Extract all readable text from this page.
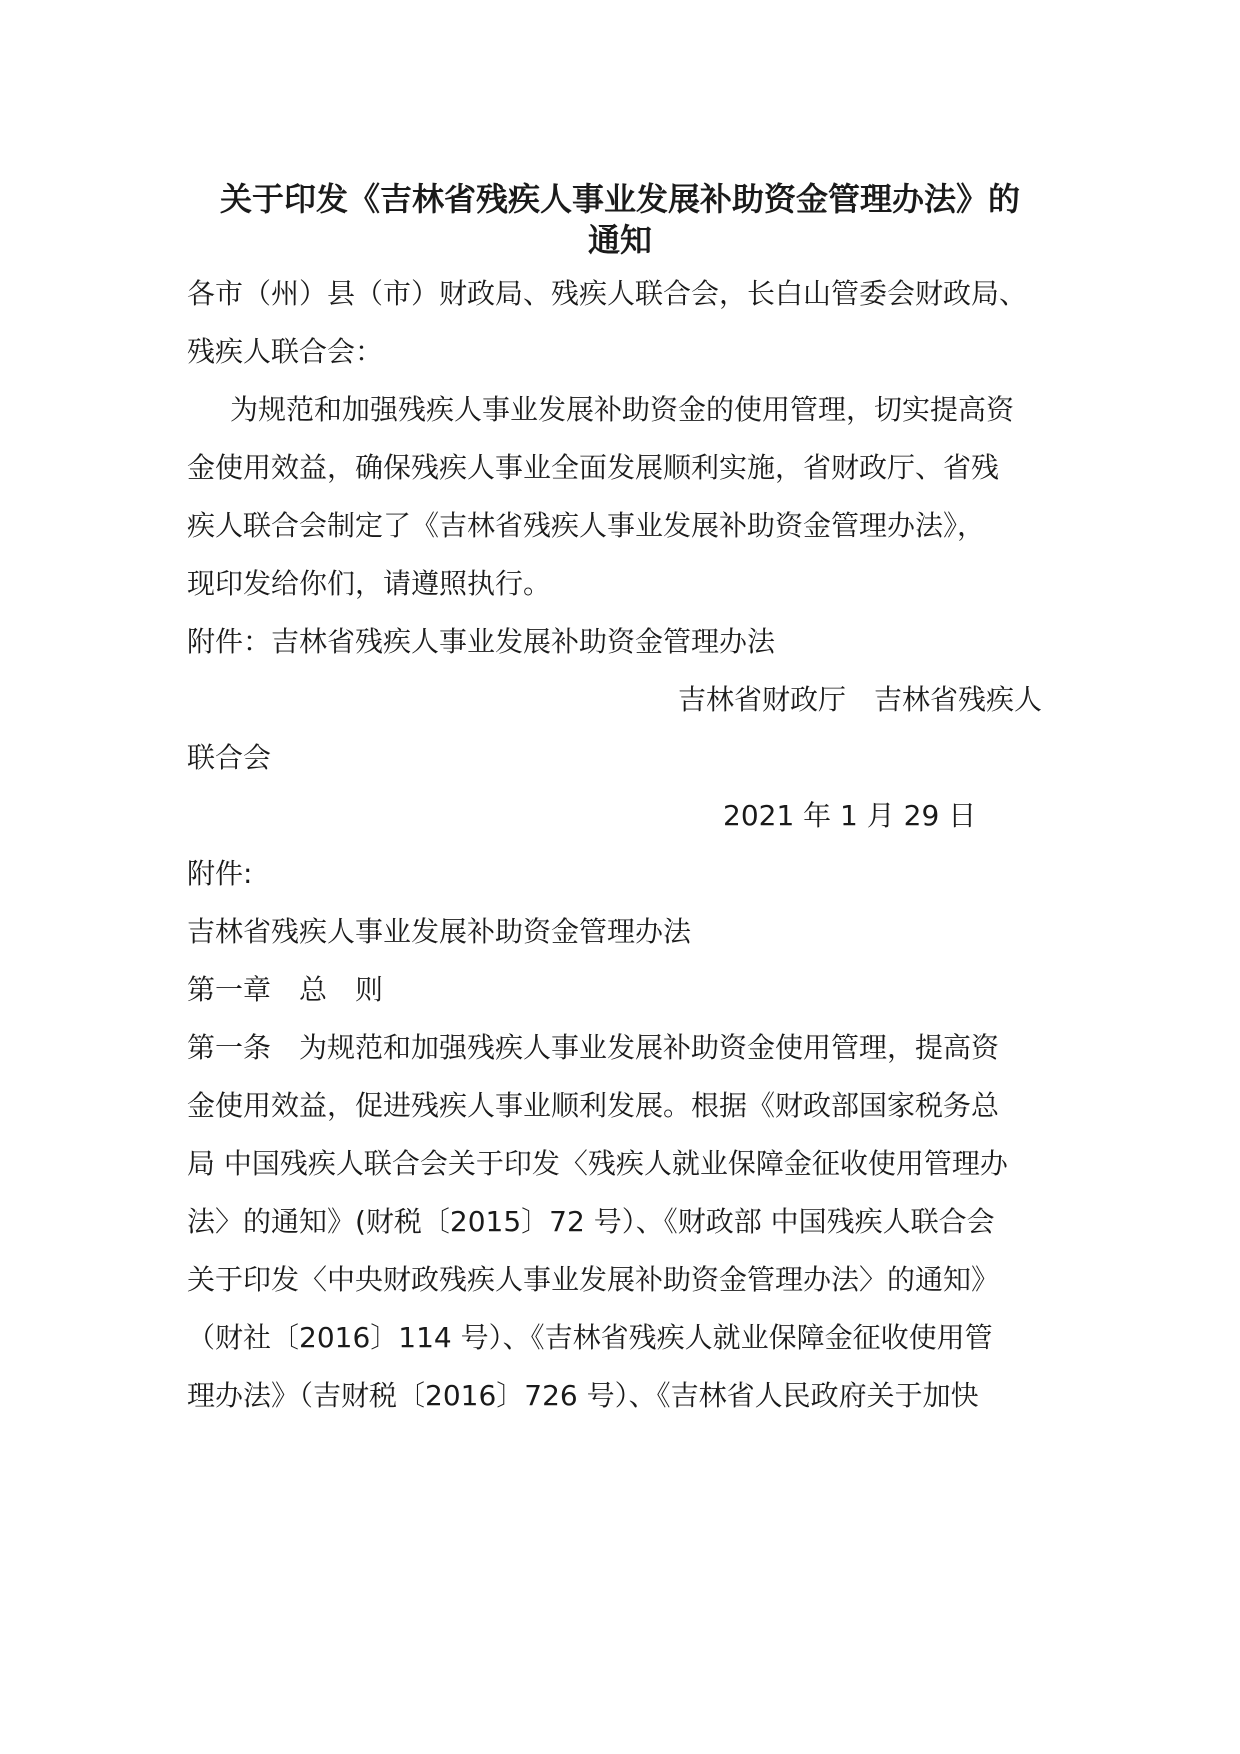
关于印发《吉林省残疾人事业发展补助资金管理办法》的
通知
各市（州）县（市）财政局、残疾人联合会，长白山管委会财政局、
残疾人联合会：
为规范和加强残疾人事业发展补助资金的使用管理，切实提高资
金使用效益，确保残疾人事业全面发展顺利实施，省财政厅、省残
疾人联合会制定了《吉林省残疾人事业发展补助资金管理办法》，
现印发给你们，请遵照执行。
附件：吉林省残疾人事业发展补助资金管理办法
吉林省财政厅　吉林省残疾人
联合会
2021 年 1 月 29 日
附件:
吉林省残疾人事业发展补助资金管理办法
第一章　总　则
第一条　为规范和加强残疾人事业发展补助资金使用管理，提高资
金使用效益，促进残疾人事业顺利发展。根据《财政部国家税务总
局 中国残疾人联合会关于印发〈残疾人就业保障金征收使用管理办
法〉的通知》(财税〔2015〕72 号）、《财政部 中国残疾人联合会
关于印发〈中央财政残疾人事业发展补助资金管理办法〉的通知》
（财社〔2016〕114 号）、《吉林省残疾人就业保障金征收使用管
理办法》（吉财税〔2016〕726 号）、《吉林省人民政府关于加快
